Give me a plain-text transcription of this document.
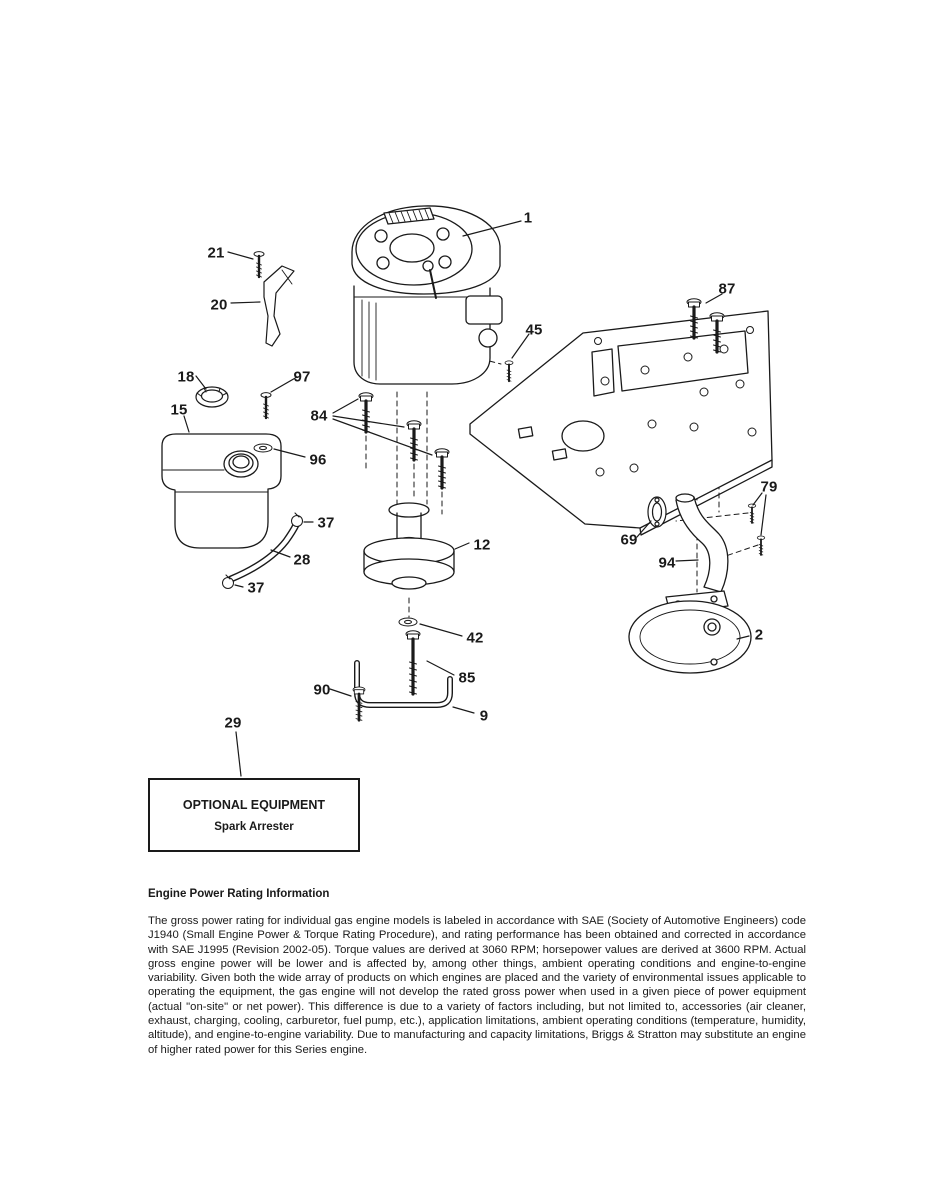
1
21
20
87
45
18	97
15	84
96
37
28
37
12
79
69
94
2
42
85
90
9
29
OPTIONAL EQUIPMENT
Spark Arrester
Engine Power Rating Information

The gross power rating for individual gas engine models is labeled in accordance with SAE (Society of Automotive Engineers) code J1940 (Small Engine Power & Torque Rating Procedure), and rating performance has been obtained and corrected in accordance with SAE J1995 (Revision 2002-05). Torque values are derived at 3060 RPM; horsepower values are derived at 3600 RPM. Actual gross engine power will be lower and is affected by, among other things, ambient operating conditions and engine-to-engine variability. Given both the wide array of products on which engines are placed and the variety of environmental issues applicable to operating the equipment, the gas engine will not develop the rated gross power when used in a given piece of power equipment (actual "on-site" or net power). This difference is due to a variety of factors including, but not limited to, accessories (air cleaner, exhaust, charging, cooling, carburetor, fuel pump, etc.), application limitations, ambient operating conditions (temperature, humidity, altitude), and engine-to-engine variability. Due to manufacturing and capacity limitations, Briggs & Stratton may substitute an engine of higher rated power for this Series engine.
